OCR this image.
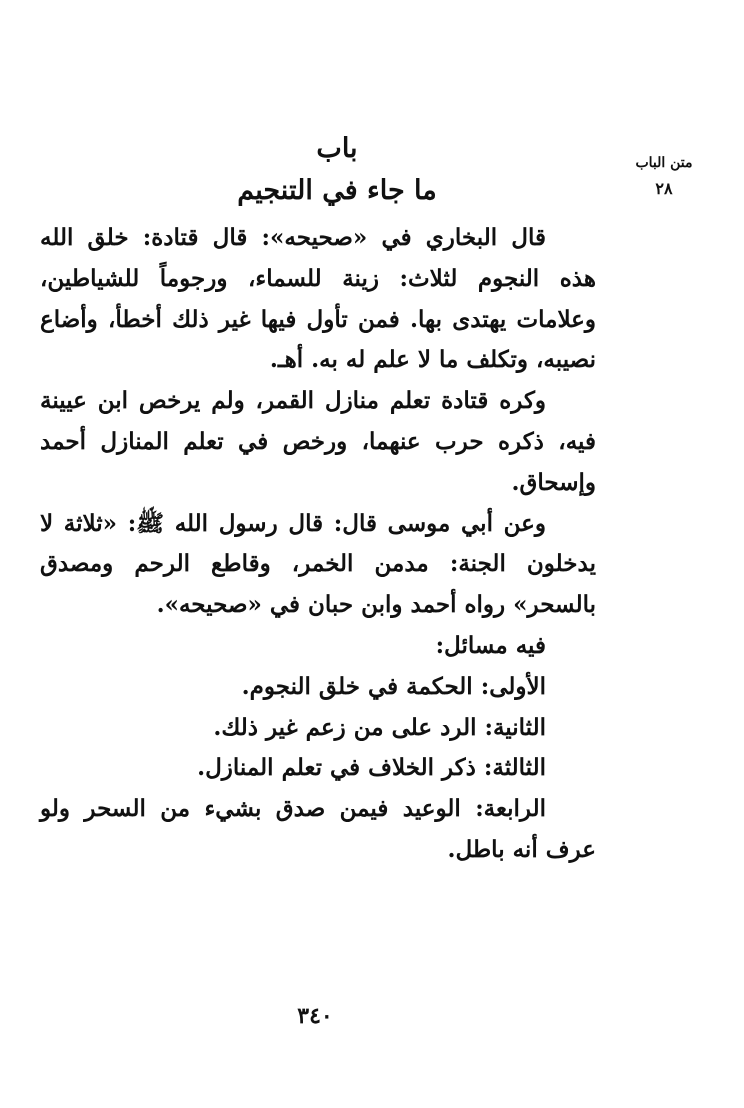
متن الباب
٢٨
باب
ما جاء في التنجيم

قال البخاري في «صحيحه»: قال قتادة: خلق الله هذه النجوم لثلاث: زينة للسماء، ورجوماً للشياطين، وعلامات يهتدى بها. فمن تأول فيها غير ذلك أخطأ، وأضاع نصيبه، وتكلف ما لا علم له به. أهـ.

وكره قتادة تعلم منازل القمر، ولم يرخص ابن عيينة فيه، ذكره حرب عنهما، ورخص في تعلم المنازل أحمد وإسحاق.

وعن أبي موسى قال: قال رسول الله ﷺ: «ثلاثة لا يدخلون الجنة: مدمن الخمر، وقاطع الرحم ومصدق بالسحر» رواه أحمد وابن حبان في «صحيحه».

فيه مسائل:

الأولى: الحكمة في خلق النجوم.

الثانية: الرد على من زعم غير ذلك.

الثالثة: ذكر الخلاف في تعلم المنازل.

الرابعة: الوعيد فيمن صدق بشيء من السحر ولو عرف أنه باطل.

٣٤٠
